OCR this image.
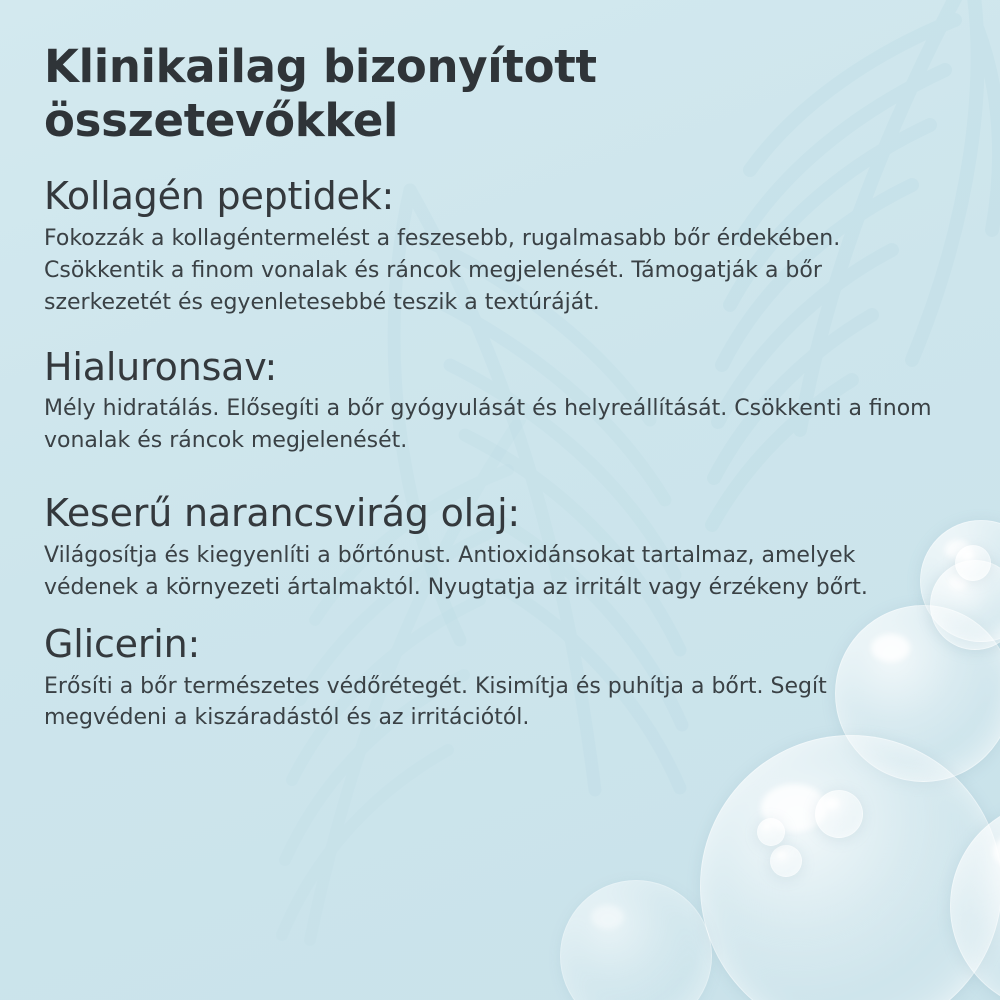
Klinikailag bizonyított összetevőkkel
Kollagén peptidek:

Fokozzák a kollagéntermelést a feszesebb, rugalmasabb bőr érdekében. Csökkentik a finom vonalak és ráncok megjelenését. Támogatják a bőr szerkezetét és egyenletesebbé teszik a textúráját.

Hialuronsav:

Mély hidratálás. Elősegíti a bőr gyógyulását és helyreállítását. Csökkenti a finom vonalak és ráncok megjelenését.

Keserű narancsvirág olaj:

Világosítja és kiegyenlíti a bőrtónust. Antioxidánsokat tartalmaz, amelyek védenek a környezeti ártalmaktól. Nyugtatja az irritált vagy érzékeny bőrt.

Glicerin:

Erősíti a bőr természetes védőrétegét. Kisimítja és puhítja a bőrt. Segít megvédeni a kiszáradástól és az irritációtól.
